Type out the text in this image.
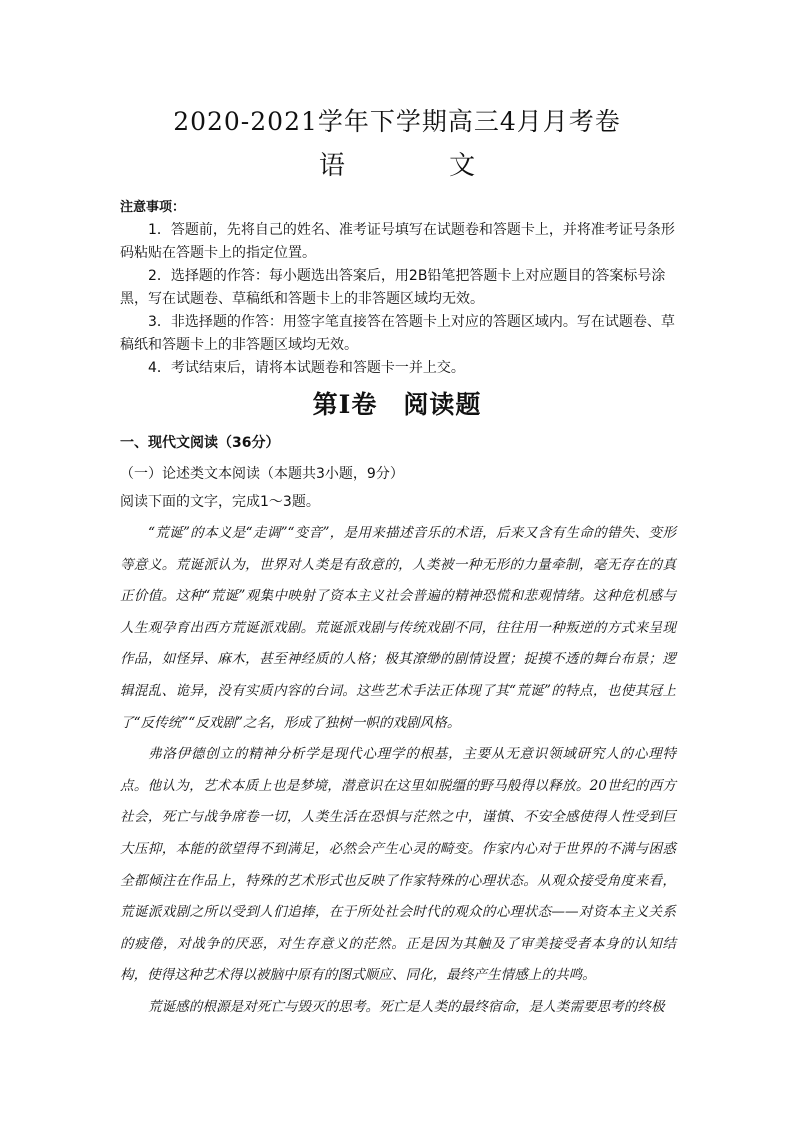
2020-2021学年下学期高三4月月考卷
语 文
注意事项：

1．答题前，先将自己的姓名、准考证号填写在试题卷和答题卡上，并将准考证号条形码粘贴在答题卡上的指定位置。

2．选择题的作答：每小题选出答案后，用2B铅笔把答题卡上对应题目的答案标号涂黑，写在试题卷、草稿纸和答题卡上的非答题区域均无效。

3．非选择题的作答：用签字笔直接答在答题卡上对应的答题区域内。写在试题卷、草稿纸和答题卡上的非答题区域均无效。

4．考试结束后，请将本试题卷和答题卡一并上交。

第Ⅰ卷　阅读题
一、现代文阅读（36分）
（一）论述类文本阅读（本题共3小题，9分）
阅读下面的文字，完成1～3题。

“荒诞”的本义是“走调”“变音”，是用来描述音乐的术语，后来又含有生命的错失、变形等意义。荒诞派认为，世界对人类是有敌意的，人类被一种无形的力量牵制，毫无存在的真正价值。这种“荒诞”观集中映射了资本主义社会普遍的精神恐慌和悲观情绪。这种危机感与人生观孕育出西方荒诞派戏剧。荒诞派戏剧与传统戏剧不同，往往用一种叛逆的方式来呈现作品，如怪异、麻木，甚至神经质的人格；极其潦缈的剧情设置；捉摸不透的舞台布景；逻辑混乱、诡异，没有实质内容的台词。这些艺术手法正体现了其“荒诞”的特点，也使其冠上了“反传统”“反戏剧”之名，形成了独树一帜的戏剧风格。

弗洛伊德创立的精神分析学是现代心理学的根基，主要从无意识领域研究人的心理特点。他认为，艺术本质上也是梦境，潜意识在这里如脱缰的野马般得以释放。20世纪的西方社会，死亡与战争席卷一切，人类生活在恐惧与茫然之中，谨慎、不安全感使得人性受到巨大压抑，本能的欲望得不到满足，必然会产生心灵的畸变。作家内心对于世界的不满与困惑全都倾注在作品上，特殊的艺术形式也反映了作家特殊的心理状态。从观众接受角度来看，荒诞派戏剧之所以受到人们追捧，在于所处社会时代的观众的心理状态——对资本主义关系的疲倦，对战争的厌恶，对生存意义的茫然。正是因为其触及了审美接受者本身的认知结构，使得这种艺术得以被脑中原有的图式顺应、同化，最终产生情感上的共鸣。

荒诞感的根源是对死亡与毁灭的思考。死亡是人类的最终宿命，是人类需要思考的终极
